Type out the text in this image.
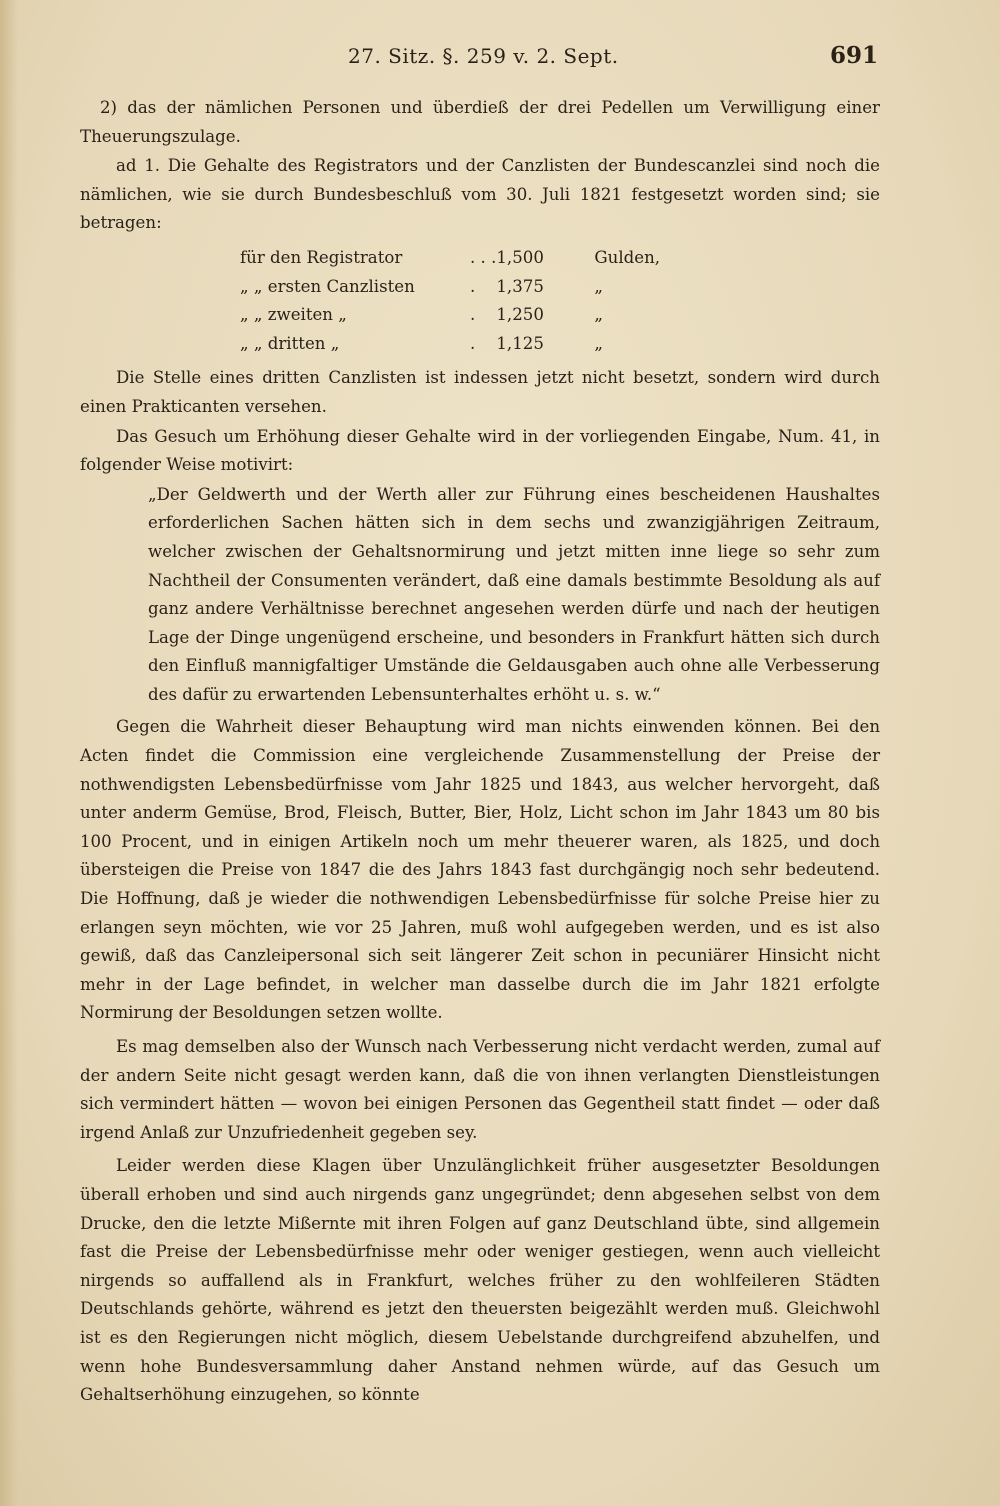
27. Sitz. §. 259 v. 2. Sept.	691

2) das der nämlichen Personen und überdieß der drei Pedellen um Verwilligung einer Theuerungszulage.

ad 1. Die Gehalte des Registrators und der Canzlisten der Bundescanzlei sind noch die nämlichen, wie sie durch Bundesbeschluß vom 30. Juli 1821 festgesetzt worden sind; sie betragen:

für den Registrator	. . .	1,500	Gulden,
„ „ ersten Canzlisten	.	1,375	„
„ „ zweiten „	.	1,250	„
„ „ dritten „	.	1,125	„

Die Stelle eines dritten Canzlisten ist indessen jetzt nicht besetzt, sondern wird durch einen Prakticanten versehen.

Das Gesuch um Erhöhung dieser Gehalte wird in der vorliegenden Eingabe, Num. 41, in folgender Weise motivirt:

„Der Geldwerth und der Werth aller zur Führung eines bescheidenen Haushaltes erforderlichen Sachen hätten sich in dem sechs und zwanzigjährigen Zeitraum, welcher zwischen der Gehaltsnormirung und jetzt mitten inne liege so sehr zum Nachtheil der Consumenten verändert, daß eine damals bestimmte Besoldung als auf ganz andere Verhältnisse berechnet angesehen werden dürfe und nach der heutigen Lage der Dinge ungenügend erscheine, und besonders in Frankfurt hätten sich durch den Einfluß mannigfaltiger Umstände die Geldausgaben auch ohne alle Verbesserung des dafür zu erwartenden Lebensunterhaltes erhöht u. s. w.“

Gegen die Wahrheit dieser Behauptung wird man nichts einwenden können. Bei den Acten findet die Commission eine vergleichende Zusammenstellung der Preise der nothwendigsten Lebensbedürfnisse vom Jahr 1825 und 1843, aus welcher hervorgeht, daß unter anderm Gemüse, Brod, Fleisch, Butter, Bier, Holz, Licht schon im Jahr 1843 um 80 bis 100 Procent, und in einigen Artikeln noch um mehr theuerer waren, als 1825, und doch übersteigen die Preise von 1847 die des Jahrs 1843 fast durchgängig noch sehr bedeutend. Die Hoffnung, daß je wieder die nothwendigen Lebensbedürfnisse für solche Preise hier zu erlangen seyn möchten, wie vor 25 Jahren, muß wohl aufgegeben werden, und es ist also gewiß, daß das Canzleipersonal sich seit längerer Zeit schon in pecuniärer Hinsicht nicht mehr in der Lage befindet, in welcher man dasselbe durch die im Jahr 1821 erfolgte Normirung der Besoldungen setzen wollte.

Es mag demselben also der Wunsch nach Verbesserung nicht verdacht werden, zumal auf der andern Seite nicht gesagt werden kann, daß die von ihnen verlangten Dienstleistungen sich vermindert hätten — wovon bei einigen Personen das Gegentheil statt findet — oder daß irgend Anlaß zur Unzufriedenheit gegeben sey.

Leider werden diese Klagen über Unzulänglichkeit früher ausgesetzter Besoldungen überall erhoben und sind auch nirgends ganz ungegründet; denn abgesehen selbst von dem Drucke, den die letzte Mißernte mit ihren Folgen auf ganz Deutschland übte, sind allgemein fast die Preise der Lebensbedürfnisse mehr oder weniger gestiegen, wenn auch vielleicht nirgends so auffallend als in Frankfurt, welches früher zu den wohlfeileren Städten Deutschlands gehörte, während es jetzt den theuersten beigezählt werden muß. Gleichwohl ist es den Regierungen nicht möglich, diesem Uebelstande durchgreifend abzuhelfen, und wenn hohe Bundesversammlung daher Anstand nehmen würde, auf das Gesuch um Gehaltserhöhung einzugehen, so könnte
